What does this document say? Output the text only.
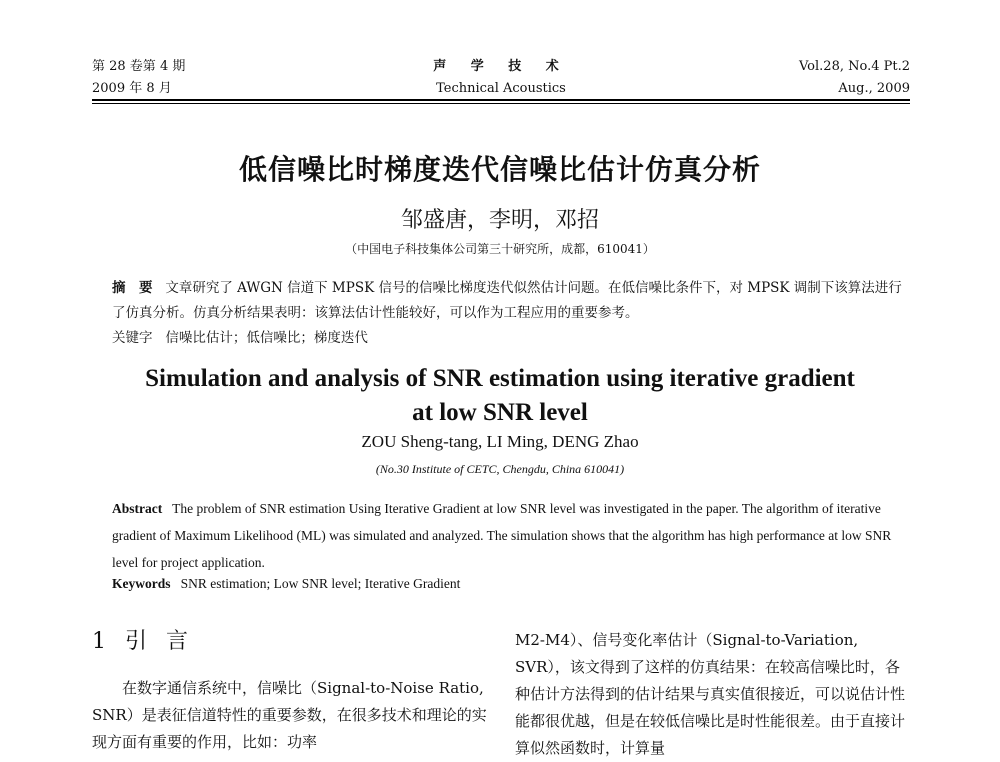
第 28 卷第 4 期
2009 年 8 月
声 学 技 术
Technical Acoustics
Vol.28, No.4 Pt.2
Aug., 2009
低信噪比时梯度迭代信噪比估计仿真分析
邹盛唐，李明，邓招
（中国电子科技集体公司第三十研究所，成都，610041）
摘　要 文章研究了 AWGN 信道下 MPSK 信号的信噪比梯度迭代似然估计问题。在低信噪比条件下，对 MPSK 调制下该算法进行了仿真分析。仿真分析结果表明：该算法估计性能较好，可以作为工程应用的重要参考。
关键字 信噪比估计；低信噪比；梯度迭代
Simulation and analysis of SNR estimation using iterative gradient
at low SNR level
ZOU Sheng-tang, LI Ming, DENG Zhao
(No.30 Institute of CETC, Chengdu, China 610041)
Abstract The problem of SNR estimation Using Iterative Gradient at low SNR level was investigated in the paper. The algorithm of iterative gradient of Maximum Likelihood (ML) was simulated and analyzed. The simulation shows that the algorithm has high performance at low SNR level for project application.
Keywords SNR estimation; Low SNR level; Iterative Gradient
1 引 言
在数字通信系统中，信噪比（Signal-to-Noise Ratio, SNR）是表征信道特性的重要参数，在很多技术和理论的实现方面有重要的作用，比如：功率
M2-M4）、信号变化率估计（Signal-to-Variation, SVR），该文得到了这样的仿真结果：在较高信噪比时，各种估计方法得到的估计结果与真实值很接近，可以说估计性能都很优越，但是在较低信噪比是时性能很差。由于直接计算似然函数时，计算量
